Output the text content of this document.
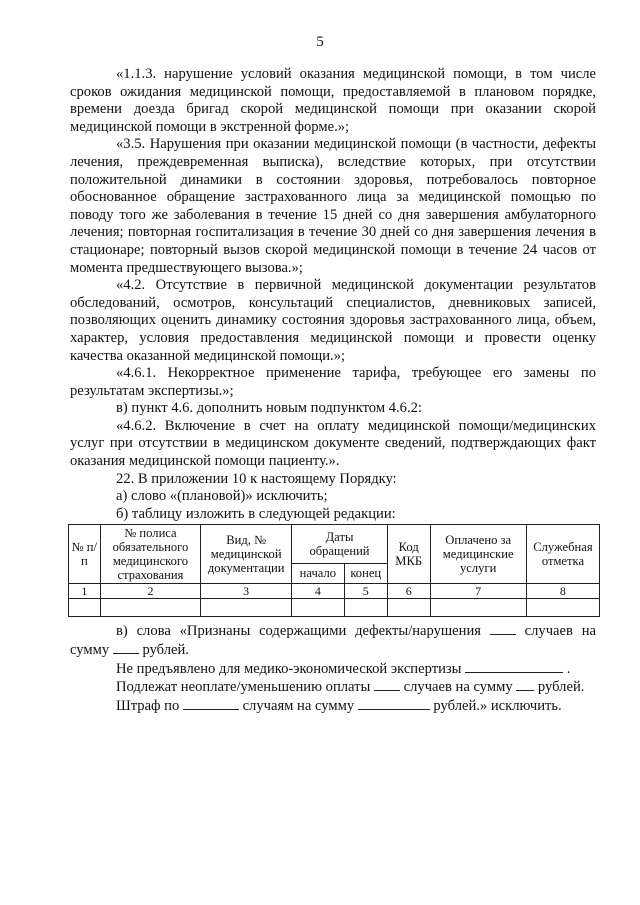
5

«1.1.3. нарушение условий оказания медицинской помощи, в том числе сроков ожидания медицинской помощи, предоставляемой в плановом порядке, времени доезда бригад скорой медицинской помощи при оказании скорой медицинской помощи в экстренной форме.»;

«3.5. Нарушения при оказании медицинской помощи (в частности, дефекты лечения, преждевременная выписка), вследствие которых, при отсутствии положительной динамики в состоянии здоровья, потребовалось повторное обоснованное обращение застрахованного лица за медицинской помощью по поводу того же заболевания в течение 15 дней со дня завершения амбулаторного лечения; повторная госпитализация в течение 30 дней со дня завершения лечения в стационаре; повторный вызов скорой медицинской помощи в течение 24 часов от момента предшествующего вызова.»;

«4.2. Отсутствие в первичной медицинской документации результатов обследований, осмотров, консультаций специалистов, дневниковых записей, позволяющих оценить динамику состояния здоровья застрахованного лица, объем, характер, условия предоставления медицинской помощи и провести оценку качества оказанной медицинской помощи.»;

«4.6.1. Некорректное применение тарифа, требующее его замены по результатам экспертизы.»;

в) пункт 4.6. дополнить новым подпунктом 4.6.2:

«4.6.2. Включение в счет на оплату медицинской помощи/медицинских услуг при отсутствии в медицинском документе сведений, подтверждающих факт оказания медицинской помощи пациенту.».

22. В приложении 10 к настоящему Порядку:

а) слово «(плановой)» исключить;

б) таблицу изложить в следующей редакции:

№ п/п	№ полиса обязательного медицинского страхования	Вид, № медицинской документации	Даты обращений		Код МКБ	Оплачено за медицинские услуги	Служебная отметка
			начало	конец			
1	2	3	4	5	6	7	8

в) слова «Признаны содержащими дефекты/нарушения  случаев на сумму  рублей.

Не предъявлено для медико-экономической экспертизы	.

Подлежат неоплате/уменьшению оплаты  случаев на сумму  рублей.

Штраф по	случаям на сумму	рублей.» исключить.
